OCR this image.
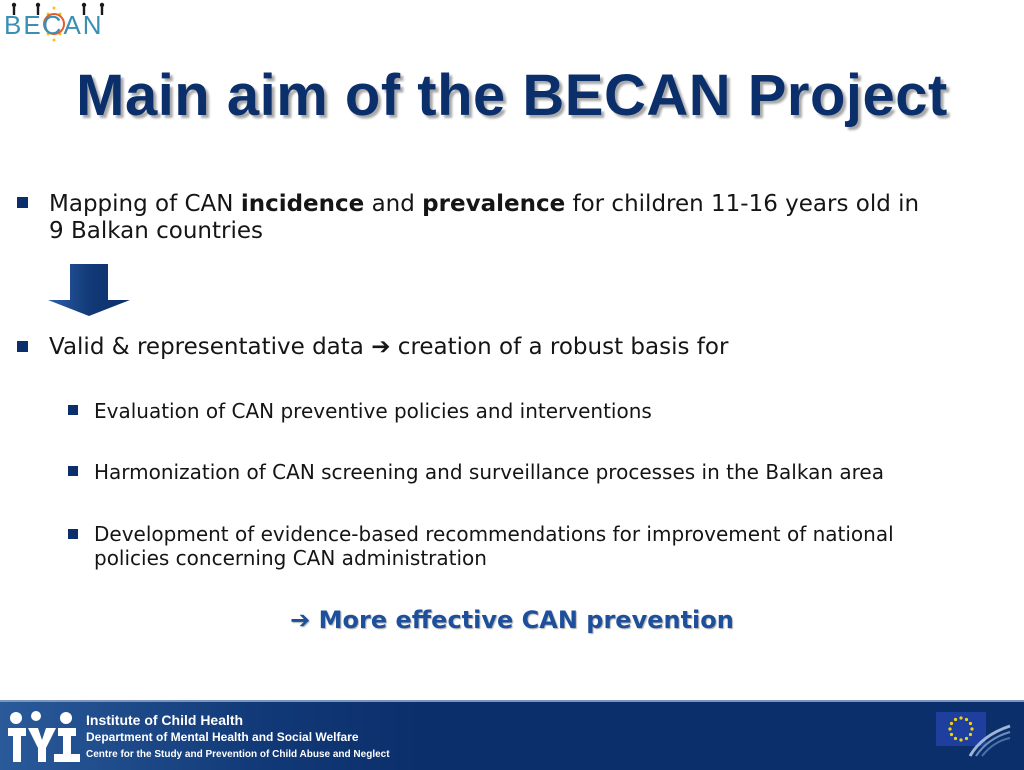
BECAN
Main aim of the BECAN Project
Mapping of CAN incidence and prevalence for children 11-16 years old in
9 Balkan countries
Valid & representative data ➔ creation of a robust basis for
Evaluation of CAN preventive policies and interventions
Harmonization of CAN screening and surveillance processes in the Balkan area
Development of evidence-based recommendations for improvement of national
policies concerning CAN administration
➔ More effective CAN prevention
Institute of Child Health
Department of Mental Health and Social Welfare
Centre for the Study and Prevention of Child Abuse and Neglect
